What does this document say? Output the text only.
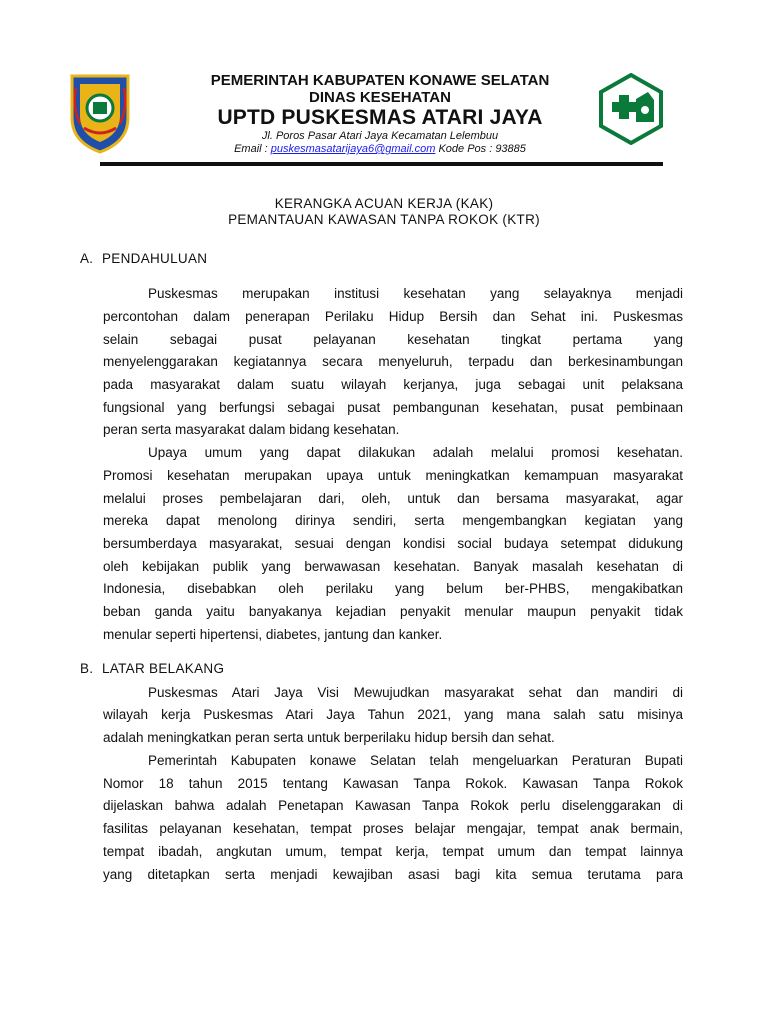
PEMERINTAH KABUPATEN KONAWE SELATAN
DINAS KESEHATAN
UPTD PUSKESMAS ATARI JAYA
Jl. Poros Pasar Atari Jaya Kecamatan Lelembuu
Email : puskesmasatarijaya6@gmail.com Kode Pos : 93885
KERANGKA ACUAN KERJA (KAK)
PEMANTAUAN KAWASAN TANPA ROKOK (KTR)
A. PENDAHULUAN
Puskesmas merupakan institusi kesehatan yang selayaknya menjadi
percontohan dalam penerapan Perilaku Hidup Bersih dan Sehat ini. Puskesmas
selain sebagai pusat pelayanan kesehatan tingkat pertama yang
menyelenggarakan kegiatannya secara menyeluruh, terpadu dan berkesinambungan
pada masyarakat dalam suatu wilayah kerjanya, juga sebagai unit pelaksana
fungsional yang berfungsi sebagai pusat pembangunan kesehatan, pusat pembinaan
peran serta masyarakat dalam bidang kesehatan.
Upaya umum yang dapat dilakukan adalah melalui promosi kesehatan.
Promosi kesehatan merupakan upaya untuk meningkatkan kemampuan masyarakat
melalui proses pembelajaran dari, oleh, untuk dan bersama masyarakat, agar
mereka dapat menolong dirinya sendiri, serta mengembangkan kegiatan yang
bersumberdaya masyarakat, sesuai dengan kondisi social budaya setempat didukung
oleh kebijakan publik yang berwawasan kesehatan. Banyak masalah kesehatan di
Indonesia, disebabkan oleh perilaku yang belum ber-PHBS, mengakibatkan
beban ganda yaitu banyakanya kejadian penyakit menular maupun penyakit tidak
menular seperti hipertensi, diabetes, jantung dan kanker.
B. LATAR BELAKANG
Puskesmas Atari Jaya Visi Mewujudkan masyarakat sehat dan mandiri di
wilayah kerja Puskesmas Atari Jaya Tahun 2021, yang mana salah satu misinya
adalah meningkatkan peran serta untuk berperilaku hidup bersih dan sehat.
Pemerintah Kabupaten konawe Selatan telah mengeluarkan Peraturan Bupati
Nomor 18 tahun 2015 tentang Kawasan Tanpa Rokok. Kawasan Tanpa Rokok
dijelaskan bahwa adalah Penetapan Kawasan Tanpa Rokok perlu diselenggarakan di
fasilitas pelayanan kesehatan, tempat proses belajar mengajar, tempat anak bermain,
tempat ibadah, angkutan umum, tempat kerja, tempat umum dan tempat lainnya
yang ditetapkan serta menjadi kewajiban asasi bagi kita semua terutama para
